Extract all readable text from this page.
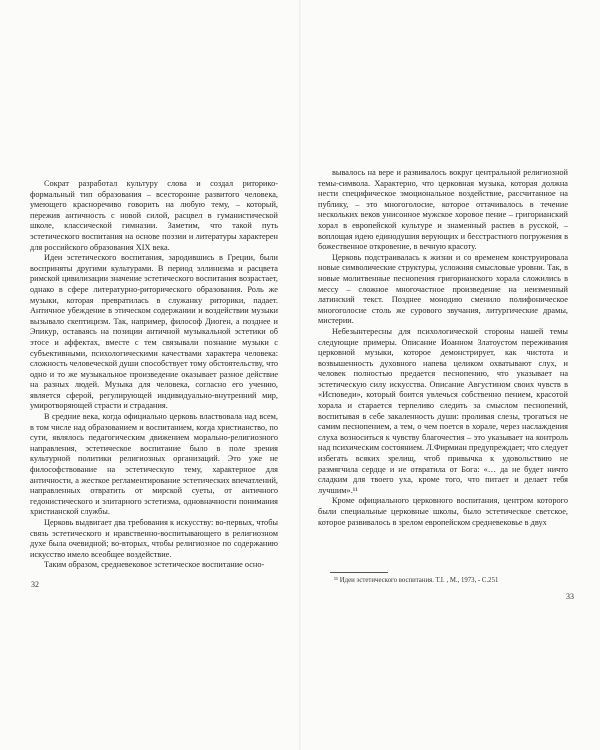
Сократ разработал культуру слова и создал риторико-формальный тип образования – всесторонне развитого человека, умеющего красноречиво говорить на любую тему, – который, пережив античность с новой силой, расцвел в гуманистической школе, классической гимназии. Заметим, что такой путь эстетического воспитания на основе поэзии и литературы характерен для российского образования XIX века.

Идеи эстетического воспитания, зародившись в Греции, были восприняты другими культурами. В период эллинизма и расцвета римской цивилизации значение эстетического воспитания возрастает, однако в сфере литературно-риторического образования. Роль же музыки, которая превратилась в служанку риторики, падает. Античное убеждение в этическом содержании и воздействии музыки вызывало скептицизм. Так, например, философ Диоген, а позднее и Эпикур, оставаясь на позиции античной музыкальной эстетики об этосе и аффектах, вместе с тем связывали познание музыки с субъективными, психологическими качествами характера человека: сложность человеческой души способствует тому обстоятельству, что одно и то же музыкальное произведение оказывает разное действие на разных людей. Музыка для человека, согласно его учению, является сферой, регулирующей индивидуально-внутренний мир, умиротворяющей страсти и страдания.

В средние века, когда официально церковь властвовала над всем, в том числе над образованием и воспитанием, когда христианство, по сути, являлось педагогическим движением морально-религиозного направления, эстетическое воспитание было в поле зрения культурной политики религиозных организаций. Это уже не философствование на эстетическую тему, характерное для античности, а жесткое регламентирование эстетических впечатлений, направленных отвратить от мирской суеты, от античного гедонистического и элитарного эстетизма, одновначности понимания христианской службы.

Церковь выдвигает два требования к искусству: во-первых, чтобы связь эстетического и нравственно-воспитывающего в религиозном духе была очевидной; во-вторых, чтобы религиозное по содержанию искусство имело всеобщее воздействие.

Таким образом, средневековое эстетическое воспитание осно-

32

вывалось на вере и развивалось вокруг центральной религиозной темы-символа. Характерно, что церковная музыка, которая должна нести специфическое эмоциональное воздействие, рассчитанное на публику, – это многоголосие, которое оттачивалось в течение нескольких веков унисонное мужское хоровое пение – григорианский хорал в европейской культуре и знаменный распев в русской, – воплощая идею единодушия верующих и бесстрастного погружения в божественное откровение, в вечную красоту.

Церковь подстраивалась к жизни и со временем конструировала новые символические структуры, усложняя смысловые уровни. Так, в новые молитвенные песнопения григорианского хорала сложились в мессу – сложное многочастное произведение на неизменный латинский текст. Позднее монодию сменило полифоническое многоголосие столь же сурового звучания, литургические драмы, мистерии.

Небезынтересны для психологической стороны нашей темы следующие примеры. Описание Иоанном Златоустом переживания церковной музыки, которое демонстрирует, как чистота и возвышенность духовного напева целиком охватывают слух, и человек полностью предается песнопению, что указывает на эстетическую силу искусства. Описание Августином своих чувств в «Исповеди», который боится увлечься собственно пением, красотой хорала и старается терпеливо следить за смыслом песнопений, воспитывая в себе закаленность души: проливая слезы, трогаться не самим песнопением, а тем, о чем поется в хорале, через наслаждения слуха возноситься к чувству благочестия – это указывает на контроль над психическим состоянием. Л.Фирмиан предупреждает; что следует избегать всяких зрелищ, чтоб привычка к удовольствию не размягчила сердце и не отвратила от Бога: «… да не будет ничто сладким для твоего уха, кроме того, что питает и делает тебя лучшим».¹¹

Кроме официального церковного воспитания, центром которого были специальные церковные школы, было эстетическое светское, которое развивалось в зрелом европейском средневековье в двух

¹¹ Идеи эстетического воспитания. Т.I. , М., 1973, - С.251
33
